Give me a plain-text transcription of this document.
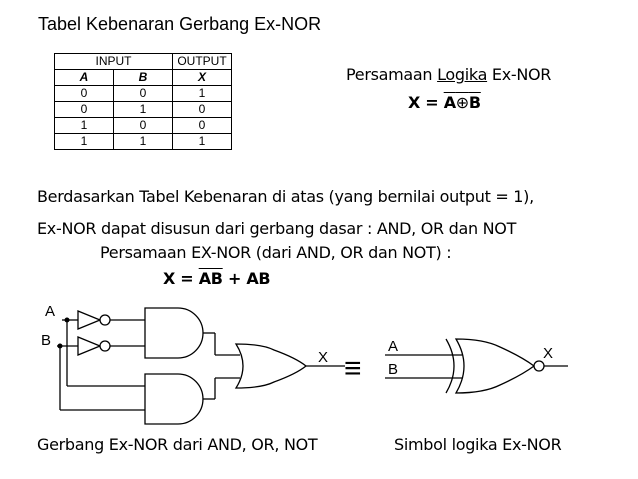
Tabel Kebenaran Gerbang Ex-NOR
INPUT		OUTPUT
A	B	X
0	0	1
0	1	0
1	0	0
1	1	1
Persamaan Logika Ex-NOR
X = A⊕B
Berdasarkan Tabel Kebenaran di atas (yang bernilai output = 1),
Ex-NOR dapat disusun dari gerbang dasar : AND, OR dan NOT
Persamaan EX-NOR (dari AND, OR dan NOT) :
$X = \overline{AB}$ + AB
A
B
X ≡
A
B
X
Gerbang Ex-NOR dari AND, OR, NOT	Simbol logika Ex-NOR
